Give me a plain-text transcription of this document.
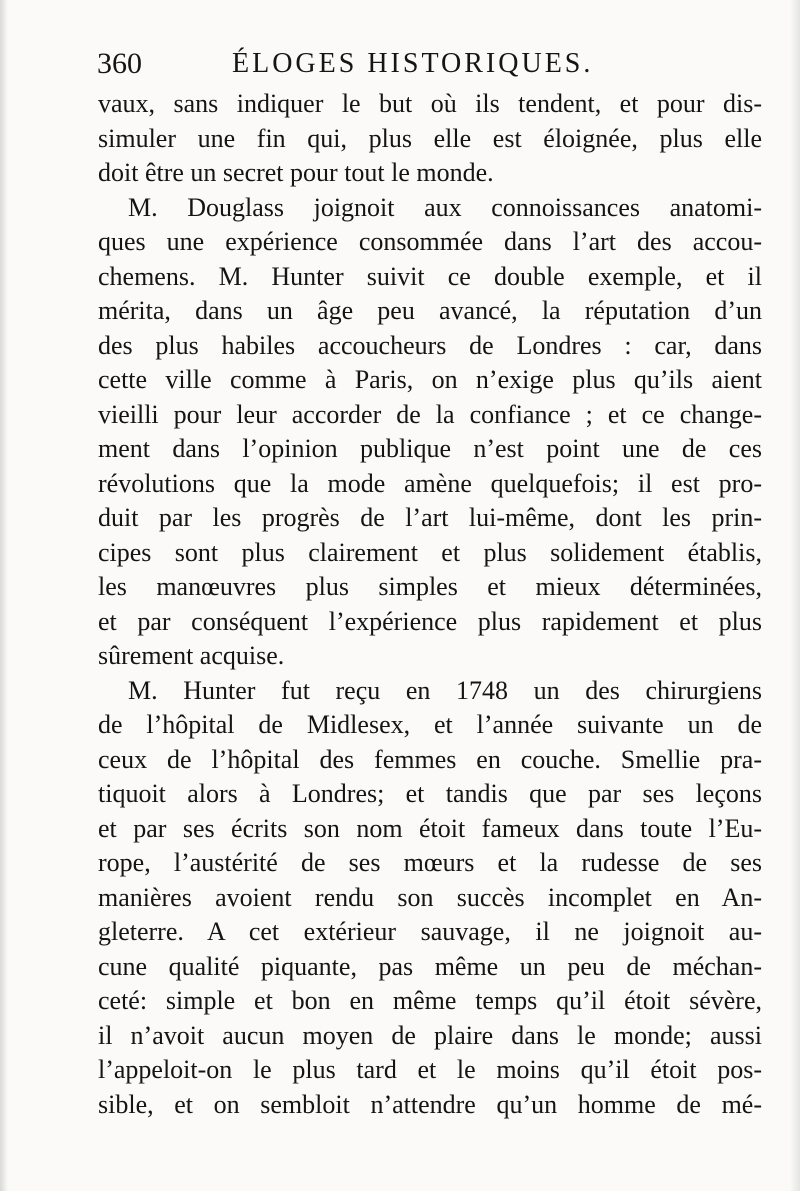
360	ÉLOGES HISTORIQUES.
vaux, sans indiquer le but où ils tendent, et pour dis-
simuler une fin qui, plus elle est éloignée, plus elle
doit être un secret pour tout le monde.
M. Douglass joignoit aux connoissances anatomi-
ques une expérience consommée dans l’art des accou-
chemens. M. Hunter suivit ce double exemple, et il
mérita, dans un âge peu avancé, la réputation d’un
des plus habiles accoucheurs de Londres : car, dans
cette ville comme à Paris, on n’exige plus qu’ils aient
vieilli pour leur accorder de la confiance ; et ce change-
ment dans l’opinion publique n’est point une de ces
révolutions que la mode amène quelquefois; il est pro-
duit par les progrès de l’art lui-même, dont les prin-
cipes sont plus clairement et plus solidement établis,
les manœuvres plus simples et mieux déterminées,
et par conséquent l’expérience plus rapidement et plus
sûrement acquise.
M. Hunter fut reçu en 1748 un des chirurgiens
de l’hôpital de Midlesex, et l’année suivante un de
ceux de l’hôpital des femmes en couche. Smellie pra-
tiquoit alors à Londres; et tandis que par ses leçons
et par ses écrits son nom étoit fameux dans toute l’Eu-
rope, l’austérité de ses mœurs et la rudesse de ses
manières avoient rendu son succès incomplet en An-
gleterre. A cet extérieur sauvage, il ne joignoit au-
cune qualité piquante, pas même un peu de méchan-
ceté: simple et bon en même temps qu’il étoit sévère,
il n’avoit aucun moyen de plaire dans le monde; aussi
l’appeloit-on le plus tard et le moins qu’il étoit pos-
sible, et on sembloit n’attendre qu’un homme de mé-
